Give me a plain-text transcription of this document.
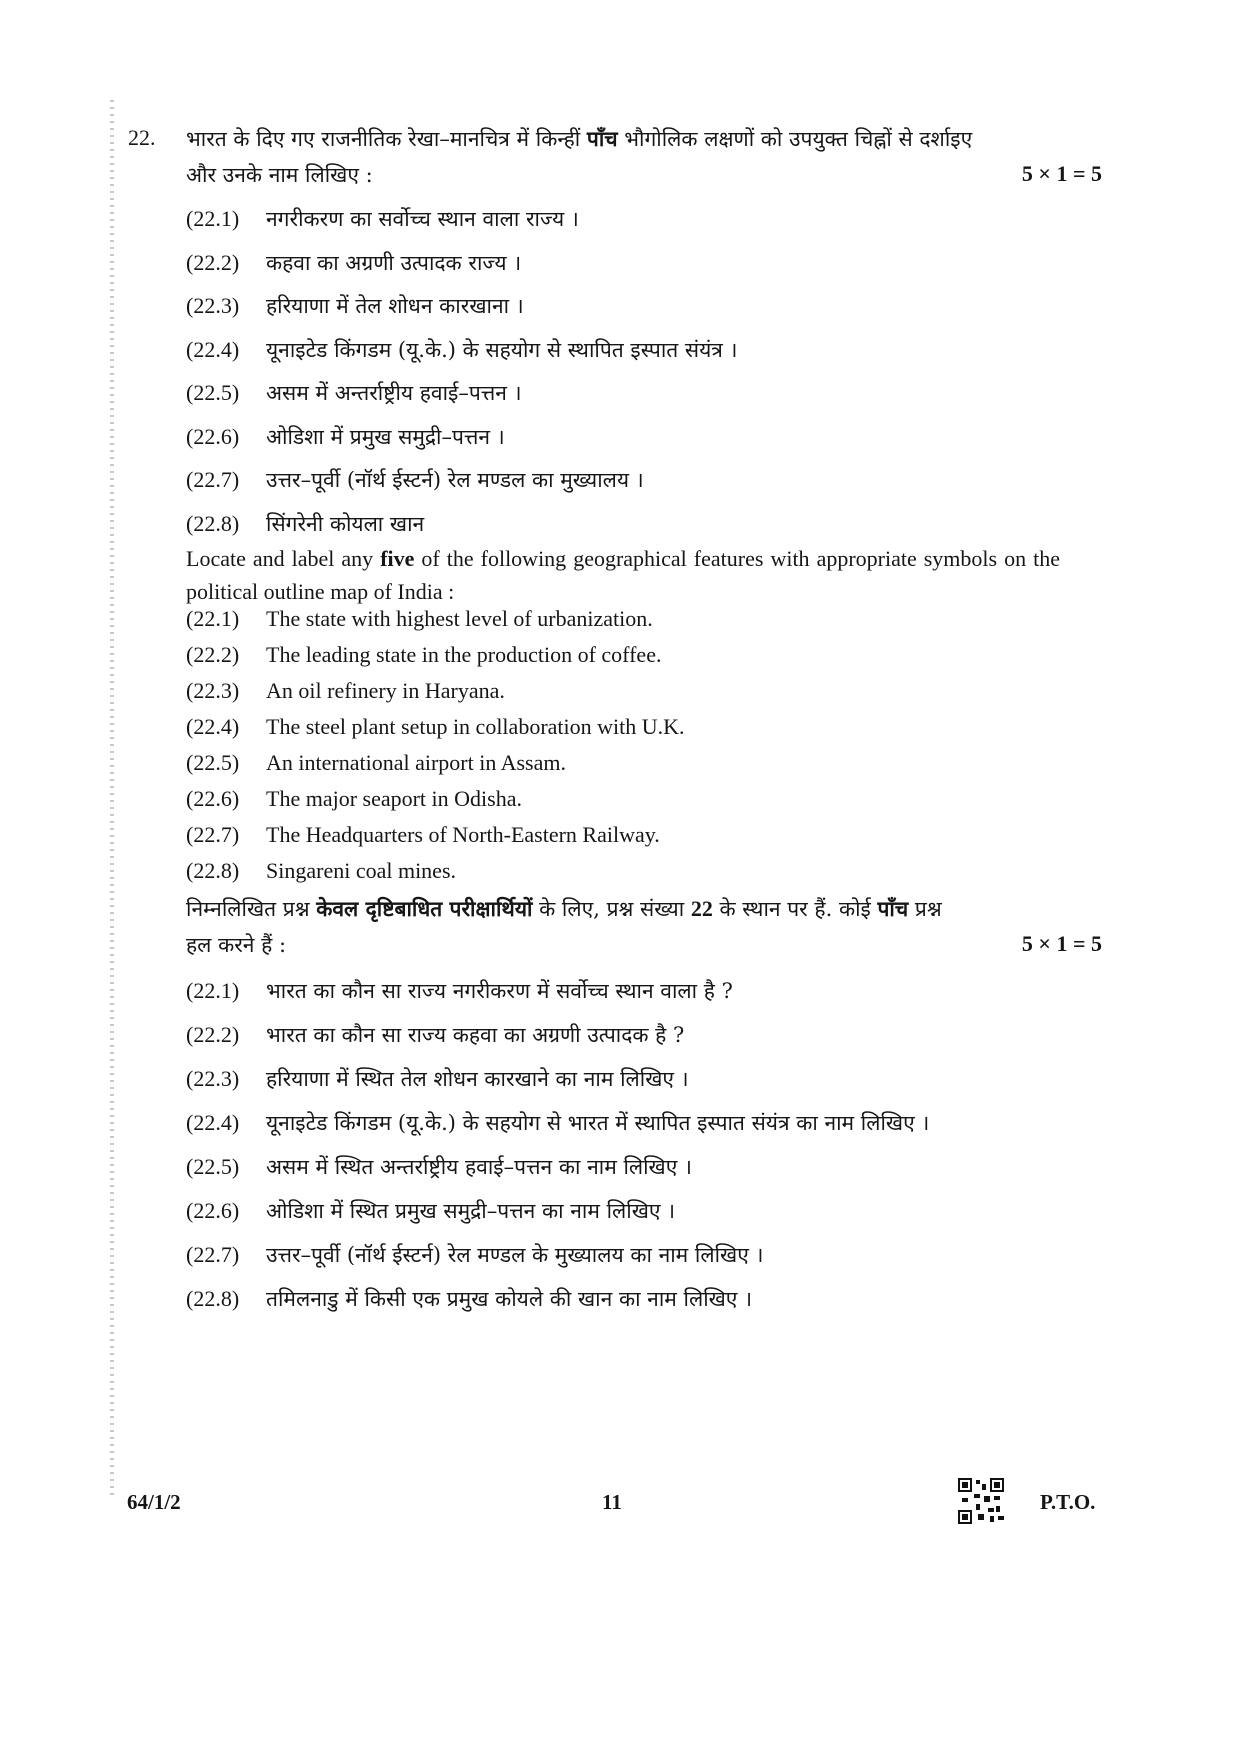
22. भारत के दिए गए राजनीतिक रेखा–मानचित्र में किन्हीं पाँच भौगोलिक लक्षणों को उपयुक्त चिह्नों से दर्शाइए
और उनके नाम लिखिए :	5 × 1 = 5
(22.1) नगरीकरण का सर्वोच्च स्थान वाला राज्य ।
(22.2) कहवा का अग्रणी उत्पादक राज्य ।
(22.3) हरियाणा में तेल शोधन कारखाना ।
(22.4) यूनाइटेड किंगडम (यू.के.) के सहयोग से स्थापित इस्पात संयंत्र ।
(22.5) असम में अन्तर्राष्ट्रीय हवाई–पत्तन ।
(22.6) ओडिशा में प्रमुख समुद्री–पत्तन ।
(22.7) उत्तर–पूर्वी (नॉर्थ ईस्टर्न) रेल मण्डल का मुख्यालय ।
(22.8) सिंगरेनी कोयला खान
Locate and label any five of the following geographical features with appropriate symbols on the political outline map of India :
(22.1) The state with highest level of urbanization.
(22.2) The leading state in the production of coffee.
(22.3) An oil refinery in Haryana.
(22.4) The steel plant setup in collaboration with U.K.
(22.5) An international airport in Assam.
(22.6) The major seaport in Odisha.
(22.7) The Headquarters of North-Eastern Railway.
(22.8) Singareni coal mines.
निम्नलिखित प्रश्न केवल दृष्टिबाधित परीक्षार्थियों के लिए, प्रश्न संख्या 22 के स्थान पर हैं. कोई पाँच प्रश्न
हल करने हैं :	5 × 1 = 5
(22.1) भारत का कौन सा राज्य नगरीकरण में सर्वोच्च स्थान वाला है ?
(22.2) भारत का कौन सा राज्य कहवा का अग्रणी उत्पादक है ?
(22.3) हरियाणा में स्थित तेल शोधन कारखाने का नाम लिखिए ।
(22.4) यूनाइटेड किंगडम (यू.के.) के सहयोग से भारत में स्थापित इस्पात संयंत्र का नाम लिखिए ।
(22.5) असम में स्थित अन्तर्राष्ट्रीय हवाई–पत्तन का नाम लिखिए ।
(22.6) ओडिशा में स्थित प्रमुख समुद्री–पत्तन का नाम लिखिए ।
(22.7) उत्तर–पूर्वी (नॉर्थ ईस्टर्न) रेल मण्डल के मुख्यालय का नाम लिखिए ।
(22.8) तमिलनाडु में किसी एक प्रमुख कोयले की खान का नाम लिखिए ।
64/1/2	11	P.T.O.
